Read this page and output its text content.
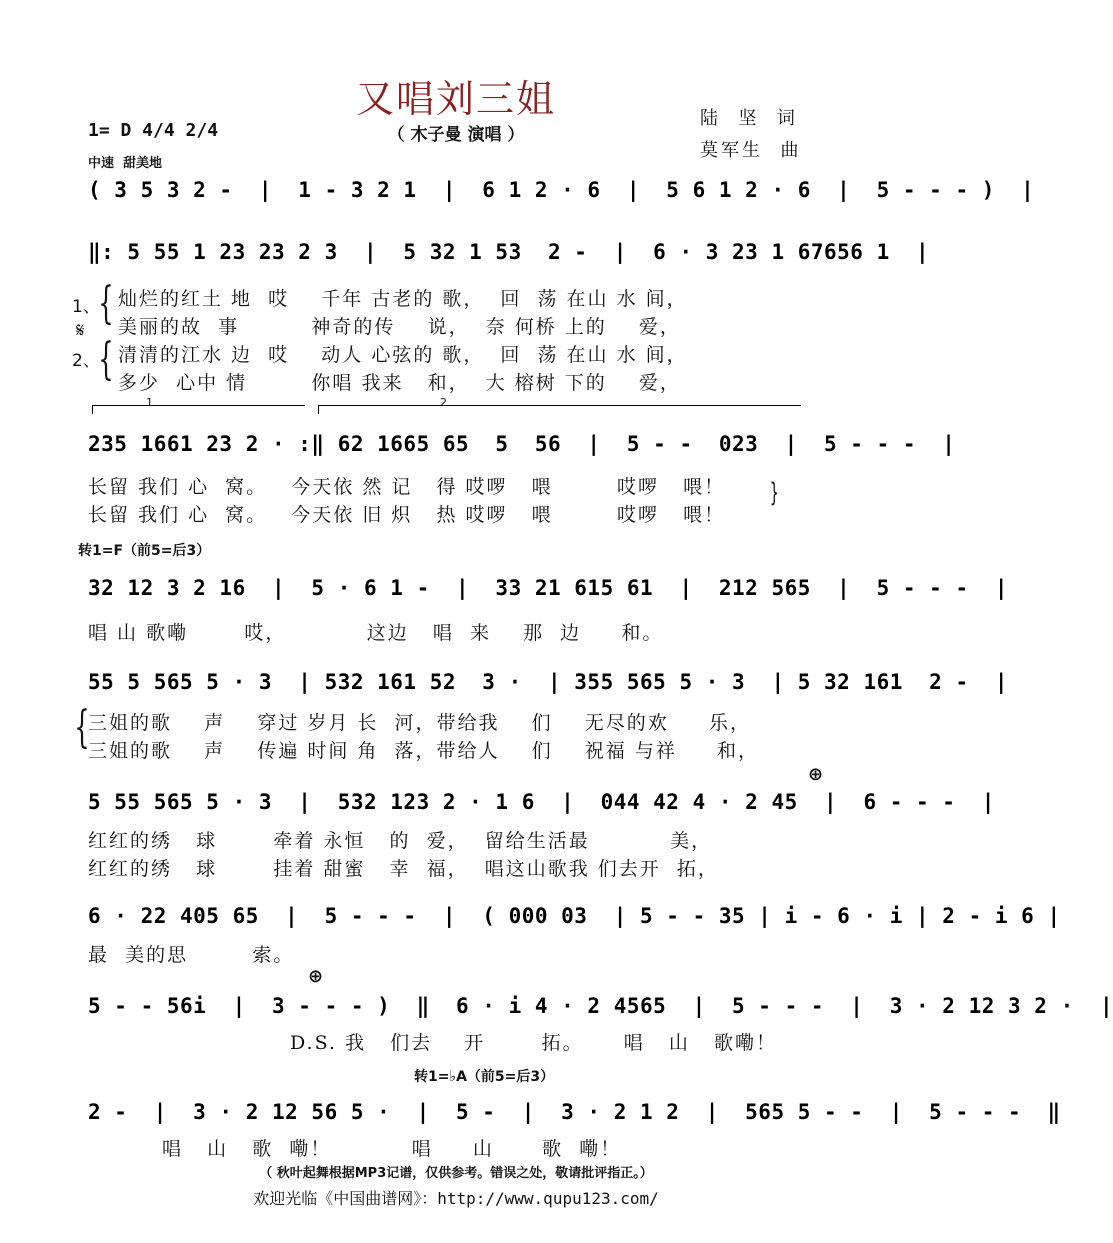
又唱刘三姐
（ 木子曼 演唱 ）
陆  坚  词
莫军生  曲
1= D 4/4 2/4
中速  甜美地
( 3 5 3 2 -  |  1 - 3 2 1  |  6 1 2 · 6  |  5 6 1 2 · 6  |  5 - - - )  |
‖: 5 55 1 23 23 2 3  |  5 32 1 53  2 -  |  6 · 3 23 1 67656 1  |
1、
{
𝄋
2、
{
灿烂的红土 地  哎    千年 古老的 歌，  回  荡 在山 水 间，
美丽的故  事         神奇的传    说，  奈 何桥 上的    爱，
清清的江水 边  哎    动人 心弦的 歌，  回  荡 在山 水 间，
多少  心中 情        你唱 我来   和，  大 榕树 下的    爱，
1	2
235 1661 23 2 · :‖ 62 1665 65  5  56  |  5 - -  023  |  5 - - -  |
长留 我们 心  窝。   今天依 然 记   得 哎啰   喂        哎啰   喂！
长留 我们 心  窝。   今天依 旧 炽   热 哎啰   喂        哎啰   喂！
}
转1=F（前5=后3）
32 12 3 2 16  |  5 · 6 1 -  |  33 21 615 61  |  212 565  |  5 - - -  |
唱 山 歌嘞       哎，          这边   唱  来    那  边     和。
55 5 565 5 · 3  | 532 161 52  3 ·  | 355 565 5 · 3  | 5 32 161  2 -  |
{
三姐的歌    声    穿过 岁月 长  河，带给我    们    无尽的欢     乐，
三姐的歌    声    传遍 时间 角  落，带给人    们    祝福 与祥     和，
⊕
5 55 565 5 · 3  |  532 123 2 · 1 6  |  044 42 4 · 2 45  |  6 - - -  |
红红的绣   球       牵着 永恒   的  爱，  留给生活最          美，
红红的绣   球       挂着 甜蜜   幸  福，  唱这山歌我 们去开  拓，
6 · 22 405 65  |  5 - - -  |  ( 000 03  | 5 - - 35 | i - 6 · i | 2 - i 6 |
最  美的思        索。
⊕
5 - - 56i  |  3 - - - )  ‖  6 · i 4 · 2 4565  |  5 - - -  |  3 · 2 12 3 2 ·  |
D.S. 我   们去    开       拓。     唱   山   歌嘞！
转1=♭A（前5=后3）
2 -  |  3 · 2 12 56 5 ·  |  5 -  |  3 · 2 1 2  |  565 5 - -  |  5 - - -  ‖
唱   山   歌  嘞！          唱     山      歌  嘞！
（ 秋叶起舞根据MP3记谱，仅供参考。错误之处，敬请批评指正。）
欢迎光临《中国曲谱网》：http://www.qupu123.com/
